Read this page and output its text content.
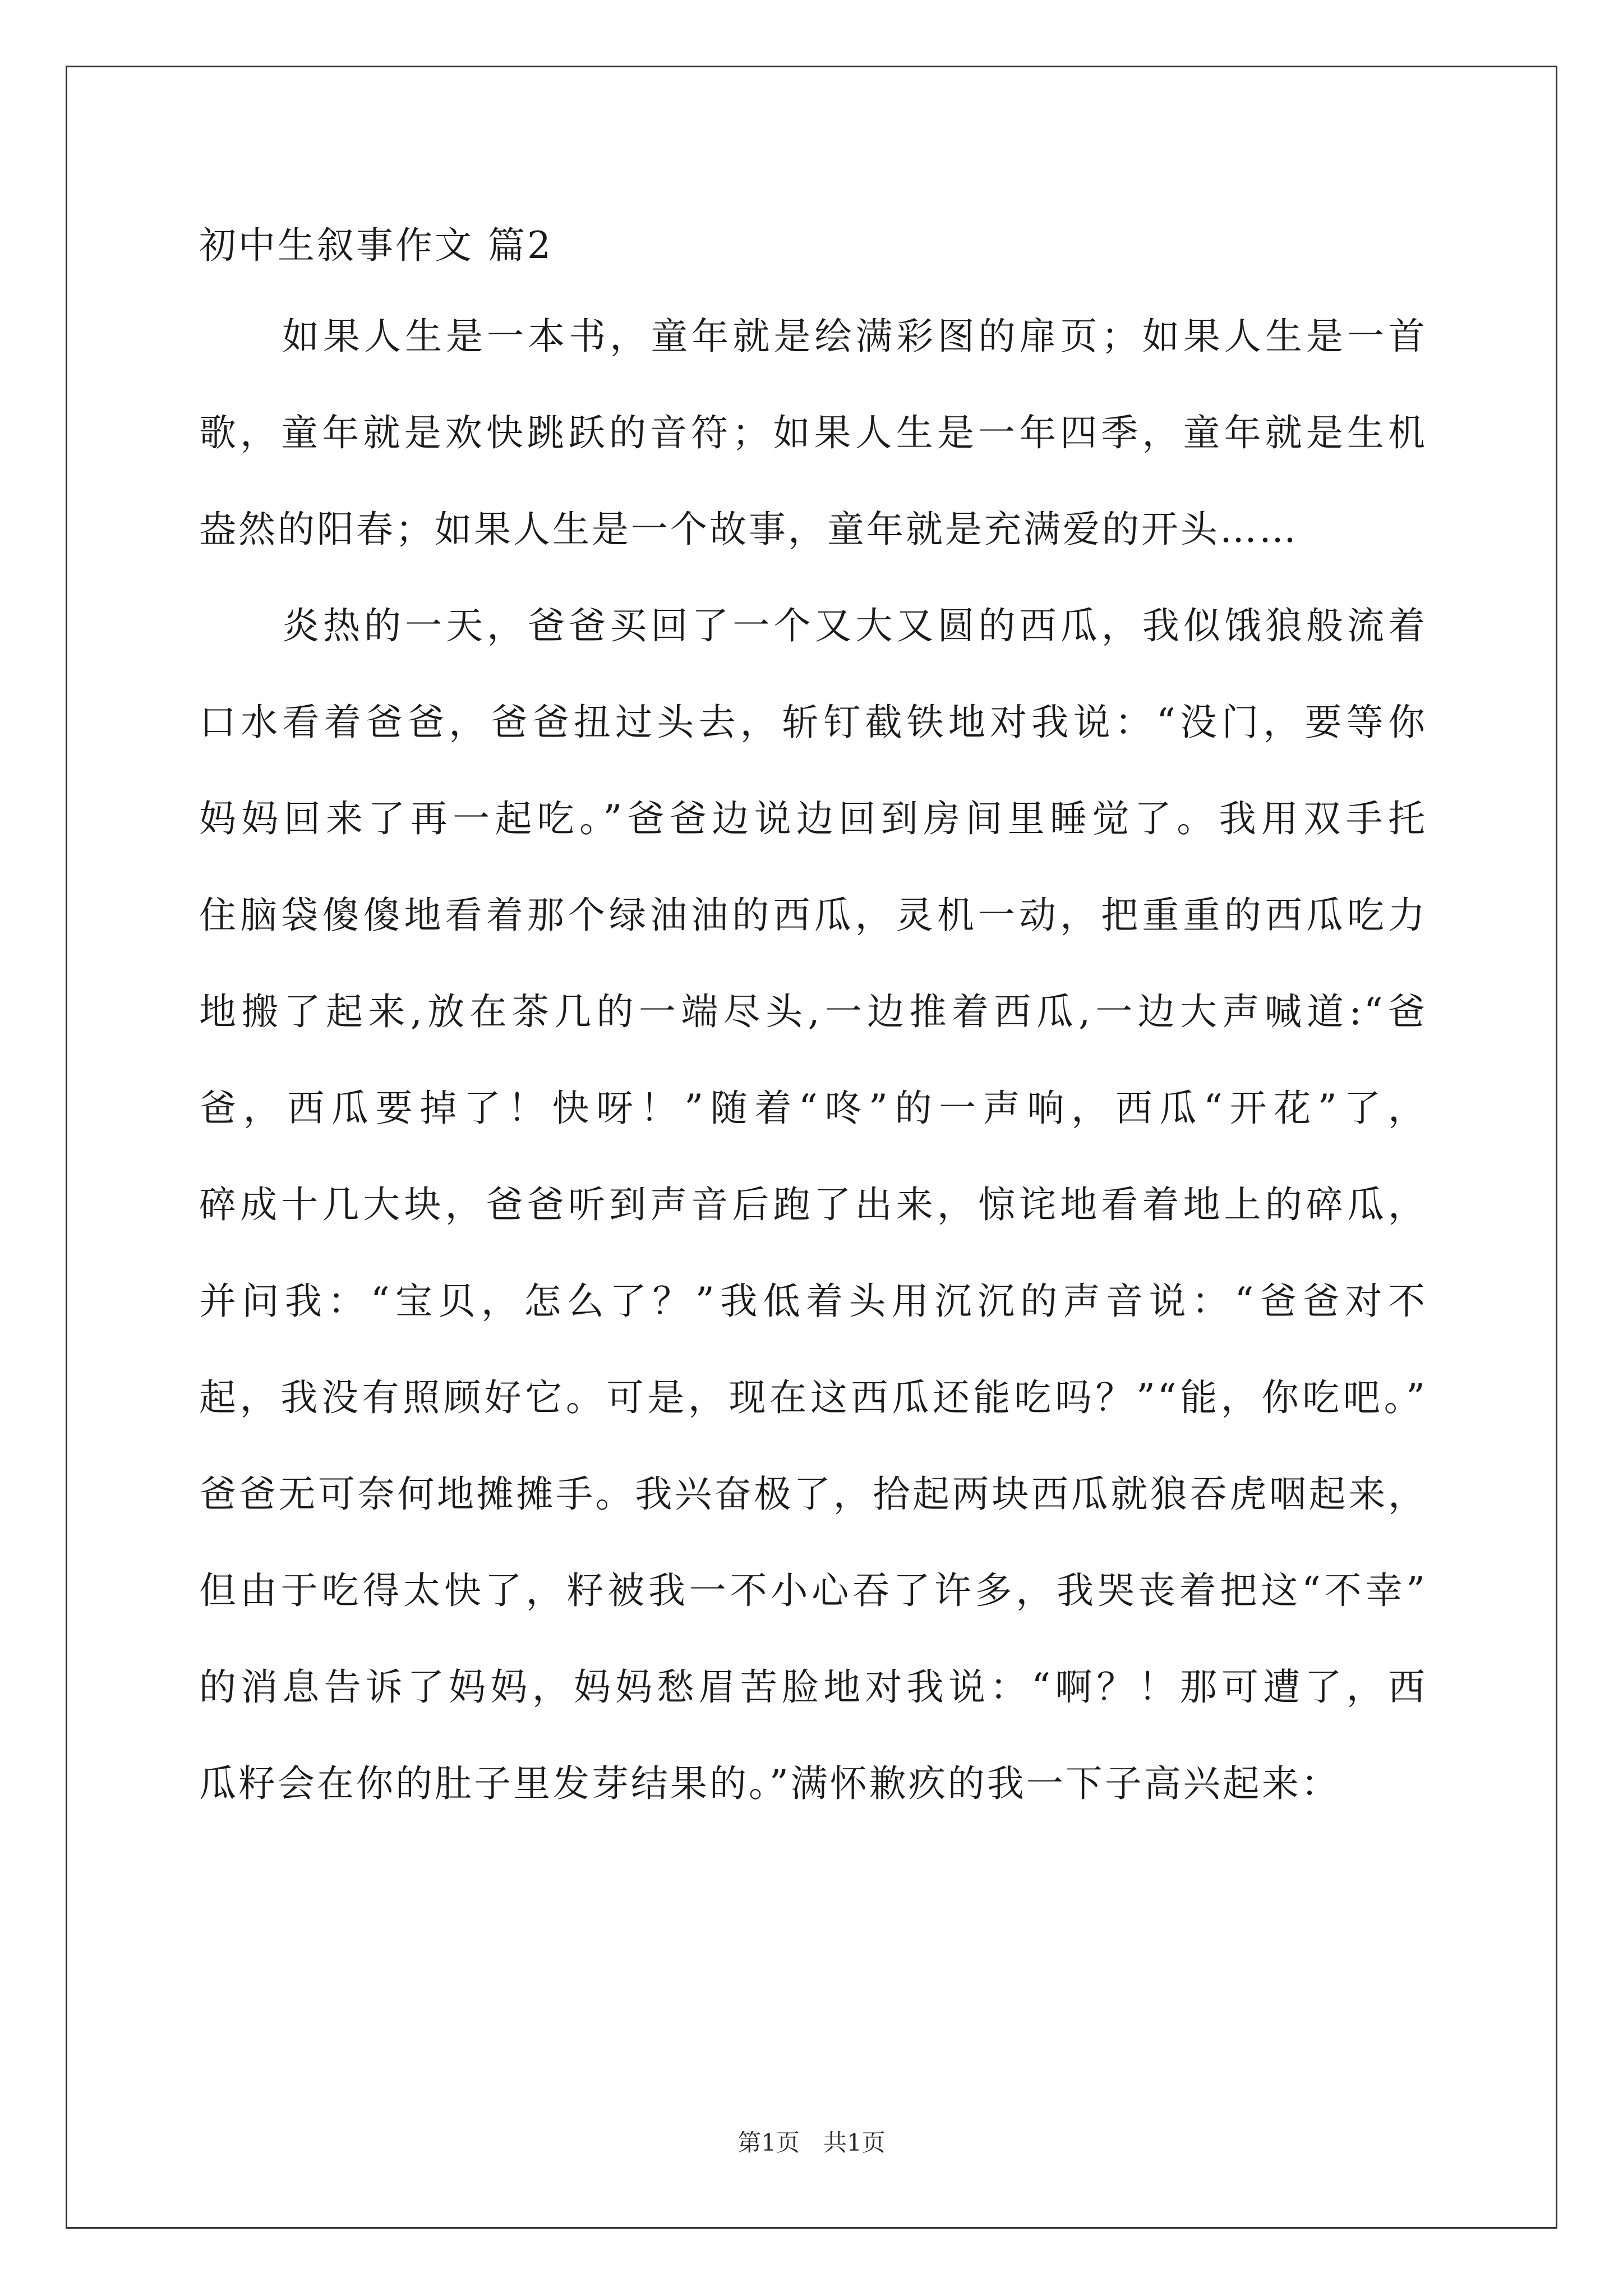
初中生叙事作文 篇2
如果人生是一本书，童年就是绘满彩图的扉页；如果人生是一首
歌，童年就是欢快跳跃的音符；如果人生是一年四季，童年就是生机
盎然的阳春；如果人生是一个故事，童年就是充满爱的开头……
炎热的一天，爸爸买回了一个又大又圆的西瓜，我似饿狼般流着
口水看着爸爸，爸爸扭过头去，斩钉截铁地对我说：“没门，要等你
妈妈回来了再一起吃。”爸爸边说边回到房间里睡觉了。我用双手托
住脑袋傻傻地看着那个绿油油的西瓜，灵机一动，把重重的西瓜吃力
地搬了起来,放在茶几的一端尽头,一边推着西瓜,一边大声喊道:“爸
爸，西瓜要掉了！快呀！”随着“咚”的一声响，西瓜“开花”了，
碎成十几大块，爸爸听到声音后跑了出来，惊诧地看着地上的碎瓜，
并问我：“宝贝，怎么了？”我低着头用沉沉的声音说：“爸爸对不
起，我没有照顾好它。可是，现在这西瓜还能吃吗？”“能，你吃吧。”
爸爸无可奈何地摊摊手。我兴奋极了，拾起两块西瓜就狼吞虎咽起来，
但由于吃得太快了，籽被我一不小心吞了许多，我哭丧着把这“不幸”
的消息告诉了妈妈，妈妈愁眉苦脸地对我说：“啊？！那可遭了，西
瓜籽会在你的肚子里发芽结果的。”满怀歉疚的我一下子高兴起来：
第1页　共1页
